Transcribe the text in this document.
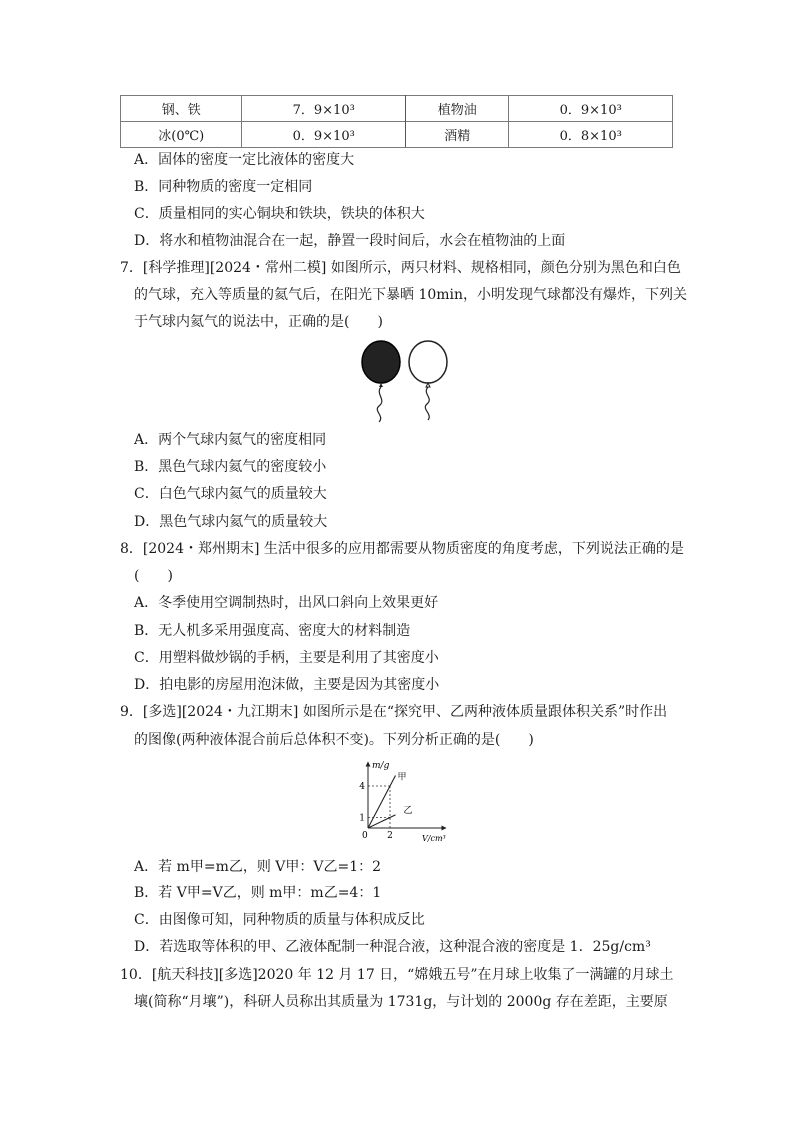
钢、铁	7．9×10³	植物油	0．9×10³
冰(0℃)	0．9×10³	酒精	0．8×10³
A．固体的密度一定比液体的密度大
B．同种物质的密度一定相同
C．质量相同的实心铜块和铁块，铁块的体积大
D．将水和植物油混合在一起，静置一段时间后，水会在植物油的上面
7．[科学推理][2024・常州二模] 如图所示，两只材料、规格相同，颜色分别为黑色和白色
的气球，充入等质量的氦气后，在阳光下暴晒 10min，小明发现气球都没有爆炸，下列关
于气球内氦气的说法中，正确的是(　　)
A．两个气球内氦气的密度相同
B．黑色气球内氦气的密度较小
C．白色气球内氦气的质量较大
D．黑色气球内氦气的质量较大
8．[2024・郑州期末] 生活中很多的应用都需要从物质密度的角度考虑，下列说法正确的是
(　　)
A．冬季使用空调制热时，出风口斜向上效果更好
B．无人机多采用强度高、密度大的材料制造
C．用塑料做炒锅的手柄，主要是利用了其密度小
D．拍电影的房屋用泡沫做，主要是因为其密度小
9．[多选][2024・九江期末] 如图所示是在“探究甲、乙两种液体质量跟体积关系”时作出
的图像(两种液体混合前后总体积不变)。下列分析正确的是(　　)
m/g
V/cm³
0 2
1
4
甲
乙
A．若 m甲=m乙，则 V甲：V乙=1：2
B．若 V甲=V乙，则 m甲：m乙=4：1
C．由图像可知，同种物质的质量与体积成反比
D．若选取等体积的甲、乙液体配制一种混合液，这种混合液的密度是 1．25g/cm³
10．[航天科技][多选]2020 年 12 月 17 日，“嫦娥五号”在月球上收集了一满罐的月球土
壤(简称“月壤”)，科研人员称出其质量为 1731g，与计划的 2000g 存在差距，主要原
